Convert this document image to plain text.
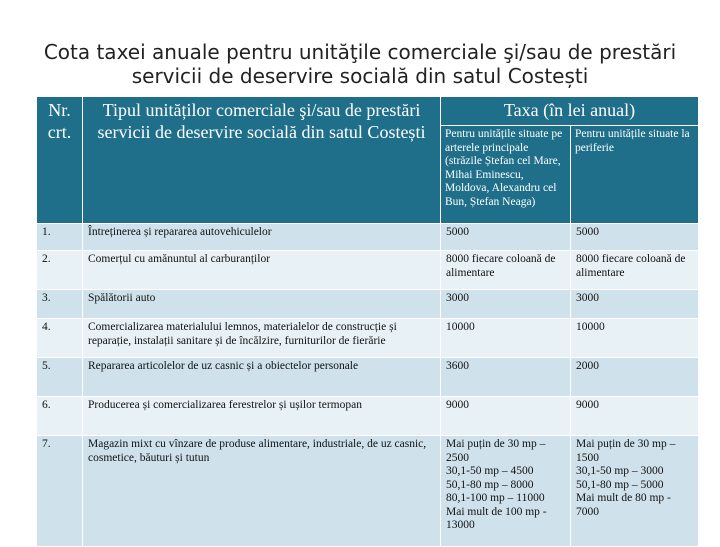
Cota taxei anuale pentru unităţile comerciale şi/sau de prestări
servicii de deservire socială din satul Costești
Nr. crt.	Tipul unităților comerciale şi/sau de prestări servicii de deservire socială din satul Costești	Taxa (în lei anual)	
		Pentru unitățile situate pe arterele principale (străzile Ștefan cel Mare, Mihai Eminescu, Moldova, Alexandru cel Bun, Ștefan Neaga)	Pentru unitățile situate la periferie
1.	Întreținerea și repararea autovehiculelor	5000	5000
2.	Comerțul cu amănuntul al carburanților	8000 fiecare coloană de alimentare	8000 fiecare coloană de alimentare
3.	Spălătorii auto	3000	3000
4.	Comercializarea materialului lemnos, materialelor de construcție și reparație, instalații sanitare și de încălzire, furniturilor de fierărie	10000	10000
5.	Repararea articolelor de uz casnic și a obiectelor personale	3600	2000
6.	Producerea și comercializarea ferestrelor și ușilor termopan	9000	9000
7.	Magazin mixt cu vînzare de produse alimentare, industriale, de uz casnic, cosmetice, băuturi și tutun	Mai puțin de 30 mp – 2500
30,1-50 mp – 4500
50,1-80 mp – 8000
80,1-100 mp – 11000
Mai mult de 100 mp - 13000	Mai puțin de 30 mp – 1500
30,1-50 mp – 3000
50,1-80 mp – 5000
Mai mult de 80 mp - 7000
